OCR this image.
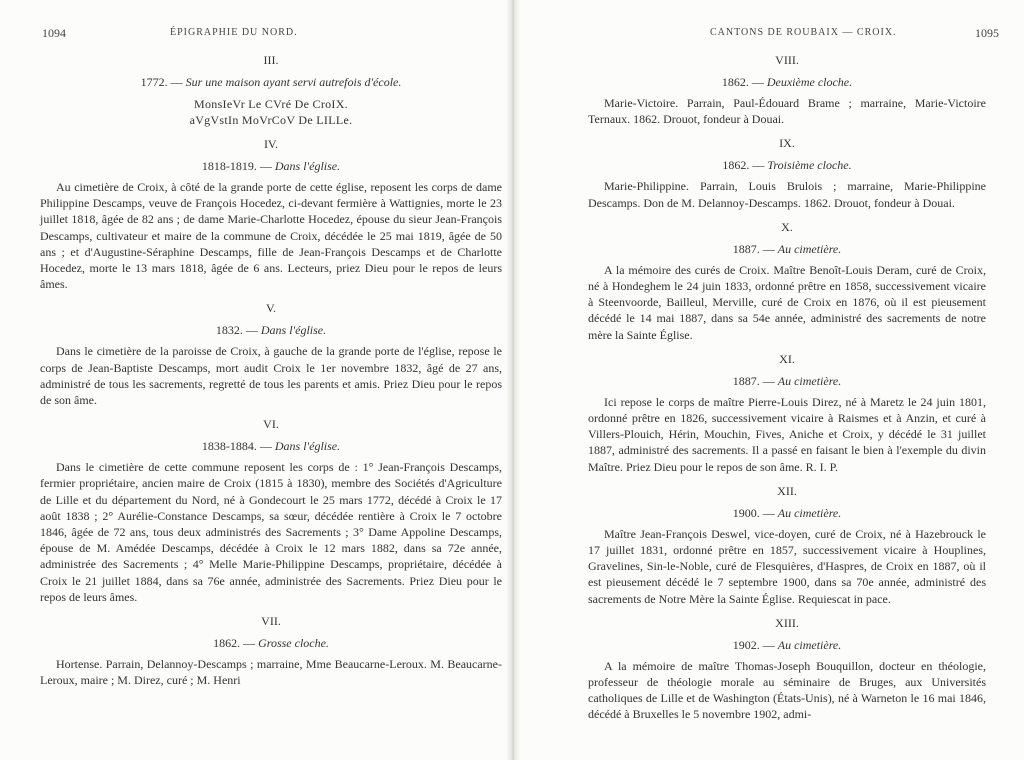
1094	ÉPIGRAPHIE DU NORD.
III.
1772. — Sur une maison ayant servi autrefois d'école.
MonsIeVr Le CVré De CroIX.
aVgVstIn MoVrCoV De LILLe.
IV.
1818-1819. — Dans l'église.

Au cimetière de Croix, à côté de la grande porte de cette église, reposent les corps de dame Philippine Descamps, veuve de François Hocedez, ci-devant fermière à Wattignies, morte le 23 juillet 1818, âgée de 82 ans ; de dame Marie-Charlotte Hocedez, épouse du sieur Jean-François Descamps, cultivateur et maire de la commune de Croix, décédée le 25 mai 1819, âgée de 50 ans ; et d'Augustine-Séraphine Descamps, fille de Jean-François Descamps et de Charlotte Hocedez, morte le 13 mars 1818, âgée de 6 ans. Lecteurs, priez Dieu pour le repos de leurs âmes.

V.
1832. — Dans l'église.

Dans le cimetière de la paroisse de Croix, à gauche de la grande porte de l'église, repose le corps de Jean-Baptiste Descamps, mort audit Croix le 1er novembre 1832, âgé de 27 ans, administré de tous les sacrements, regretté de tous les parents et amis. Priez Dieu pour le repos de son âme.

VI.
1838-1884. — Dans l'église.

Dans le cimetière de cette commune reposent les corps de : 1° Jean-François Descamps, fermier propriétaire, ancien maire de Croix (1815 à 1830), membre des Sociétés d'Agriculture de Lille et du département du Nord, né à Gondecourt le 25 mars 1772, décédé à Croix le 17 août 1838 ; 2° Aurélie-Constance Descamps, sa sœur, décédée rentière à Croix le 7 octobre 1846, âgée de 72 ans, tous deux administrés des Sacrements ; 3° Dame Appoline Descamps, épouse de M. Amédée Descamps, décédée à Croix le 12 mars 1882, dans sa 72e année, administrée des Sacrements ; 4° Melle Marie-Philippine Descamps, propriétaire, décédée à Croix le 21 juillet 1884, dans sa 76e année, administrée des Sacrements. Priez Dieu pour le repos de leurs âmes.

VII.
1862. — Grosse cloche.

Hortense. Parrain, Delannoy-Descamps ; marraine, Mme Beaucarne-Leroux. M. Beaucarne-Leroux, maire ; M. Direz, curé ; M. Henri

CANTONS DE ROUBAIX — CROIX.	1095
VIII.
1862. — Deuxième cloche.

Marie-Victoire. Parrain, Paul-Édouard Brame ; marraine, Marie-Victoire Ternaux. 1862. Drouot, fondeur à Douai.

IX.
1862. — Troisième cloche.

Marie-Philippine. Parrain, Louis Brulois ; marraine, Marie-Philippine Descamps. Don de M. Delannoy-Descamps. 1862. Drouot, fondeur à Douai.

X.
1887. — Au cimetière.

A la mémoire des curés de Croix. Maître Benoît-Louis Deram, curé de Croix, né à Hondeghem le 24 juin 1833, ordonné prêtre en 1858, successivement vicaire à Steenvoorde, Bailleul, Merville, curé de Croix en 1876, où il est pieusement décédé le 14 mai 1887, dans sa 54e année, administré des sacrements de notre mère la Sainte Église.

XI.
1887. — Au cimetière.

Ici repose le corps de maître Pierre-Louis Direz, né à Maretz le 24 juin 1801, ordonné prêtre en 1826, successivement vicaire à Raismes et à Anzin, et curé à Villers-Plouich, Hérin, Mouchin, Fives, Aniche et Croix, y décédé le 31 juillet 1887, administré des sacrements. Il a passé en faisant le bien à l'exemple du divin Maître. Priez Dieu pour le repos de son âme. R. I. P.

XII.
1900. — Au cimetière.

Maître Jean-François Deswel, vice-doyen, curé de Croix, né à Hazebrouck le 17 juillet 1831, ordonné prêtre en 1857, successivement vicaire à Houplines, Gravelines, Sin-le-Noble, curé de Flesquières, d'Haspres, de Croix en 1887, où il est pieusement décédé le 7 septembre 1900, dans sa 70e année, administré des sacrements de Notre Mère la Sainte Église. Requiescat in pace.

XIII.
1902. — Au cimetière.

A la mémoire de maître Thomas-Joseph Bouquillon, docteur en théologie, professeur de théologie morale au séminaire de Bruges, aux Universités catholiques de Lille et de Washington (États-Unis), né à Warneton le 16 mai 1846, décédé à Bruxelles le 5 novembre 1902, admi-
